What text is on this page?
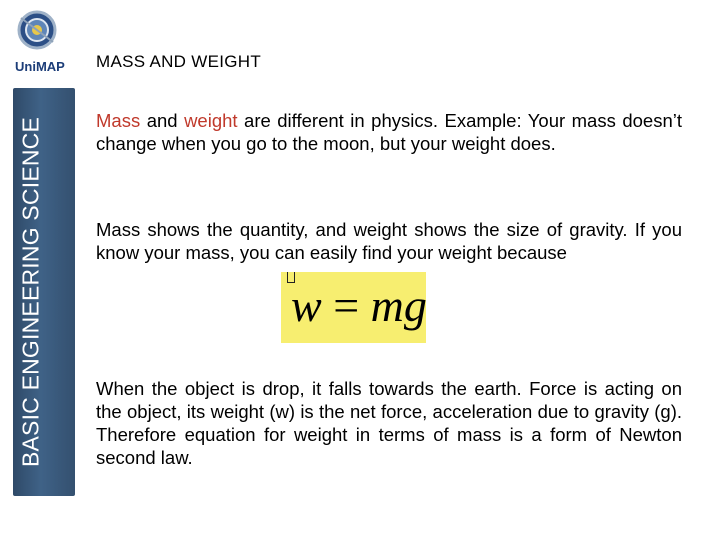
UniMAP
BASIC ENGINEERING SCIENCE
MASS AND WEIGHT
Mass and weight are different in physics. Example: Your mass doesn’t change when you go to the moon, but your weight does.
Mass shows the quantity, and weight shows the size of gravity. If you know your mass, you can easily find your weight because
w = mg
When the object is drop, it falls towards the earth. Force is acting on the object, its weight (w) is the net force, acceleration due to gravity (g). Therefore equation for weight in terms of mass is a form of Newton second law.
